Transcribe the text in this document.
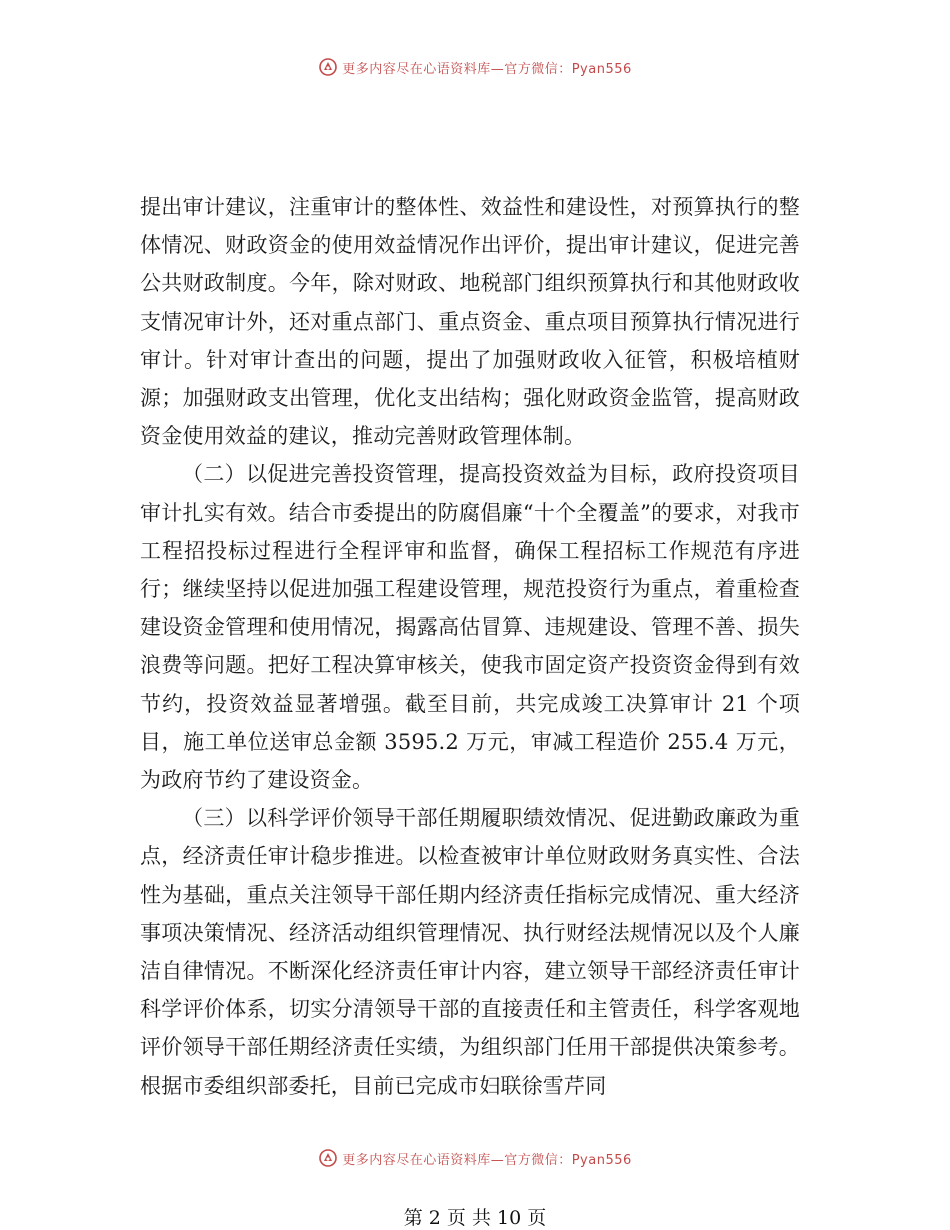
更多内容尽在心语资料库—官方微信：Pyan556

提出审计建议，注重审计的整体性、效益性和建设性，对预算执行的整体情况、财政资金的使用效益情况作出评价，提出审计建议，促进完善公共财政制度。今年，除对财政、地税部门组织预算执行和其他财政收支情况审计外，还对重点部门、重点资金、重点项目预算执行情况进行审计。针对审计查出的问题，提出了加强财政收入征管，积极培植财源；加强财政支出管理，优化支出结构；强化财政资金监管，提高财政资金使用效益的建议，推动完善财政管理体制。

（二）以促进完善投资管理，提高投资效益为目标，政府投资项目审计扎实有效。结合市委提出的防腐倡廉“十个全覆盖”的要求，对我市工程招投标过程进行全程评审和监督，确保工程招标工作规范有序进行；继续坚持以促进加强工程建设管理，规范投资行为重点，着重检查建设资金管理和使用情况，揭露高估冒算、违规建设、管理不善、损失浪费等问题。把好工程决算审核关，使我市固定资产投资资金得到有效节约，投资效益显著增强。截至目前，共完成竣工决算审计 21 个项目，施工单位送审总金额 3595.2 万元，审减工程造价 255.4 万元，为政府节约了建设资金。

（三）以科学评价领导干部任期履职绩效情况、促进勤政廉政为重点，经济责任审计稳步推进。以检查被审计单位财政财务真实性、合法性为基础，重点关注领导干部任期内经济责任指标完成情况、重大经济事项决策情况、经济活动组织管理情况、执行财经法规情况以及个人廉洁自律情况。不断深化经济责任审计内容，建立领导干部经济责任审计科学评价体系，切实分清领导干部的直接责任和主管责任，科学客观地评价领导干部任期经济责任实绩，为组织部门任用干部提供决策参考。根据市委组织部委托，目前已完成市妇联徐雪芹同

更多内容尽在心语资料库—官方微信：Pyan556
第 2 页 共 10 页
